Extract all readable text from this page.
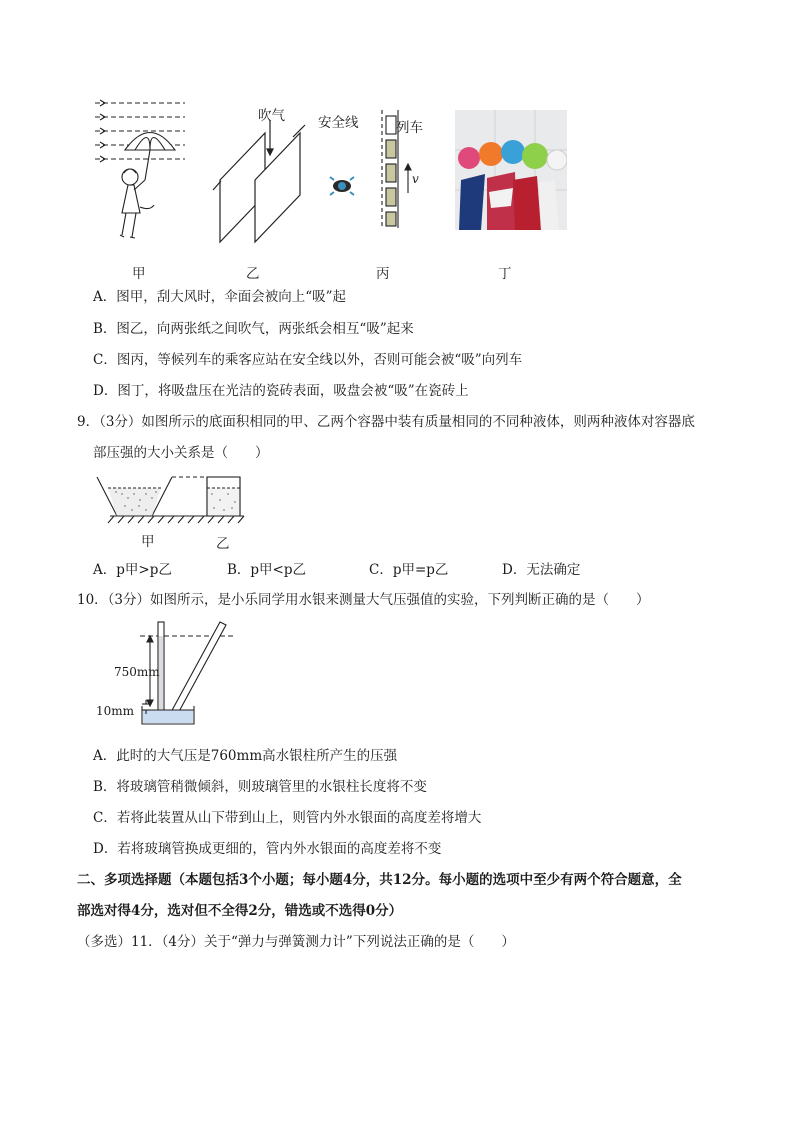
吹气 安全线	列车
v
甲	乙	丙	丁
A．图甲，刮大风时，伞面会被向上“吸”起
B．图乙，向两张纸之间吹气，两张纸会相互“吸”起来
C．图丙，等候列车的乘客应站在安全线以外，否则可能会被“吸”向列车
D．图丁，将吸盘压在光洁的瓷砖表面，吸盘会被“吸”在瓷砖上
9．（3分）如图所示的底面积相同的甲、乙两个容器中装有质量相同的不同种液体，则两种液体对容器底
部压强的大小关系是（　　）
甲	乙
A．p甲>p乙	B．p甲<p乙	C．p甲=p乙	D．无法确定
10．（3分）如图所示，是小乐同学用水银来测量大气压强值的实验，下列判断正确的是（　　）
750mm
10mm
A．此时的大气压是760mm高水银柱所产生的压强
B．将玻璃管稍微倾斜，则玻璃管里的水银柱长度将不变
C．若将此装置从山下带到山上，则管内外水银面的高度差将增大
D．若将玻璃管换成更细的，管内外水银面的高度差将不变
二、多项选择题（本题包括3个小题；每小题4分，共12分。每小题的选项中至少有两个符合题意，全
部选对得4分，选对但不全得2分，错选或不选得0分）
（多选）11．（4分）关于“弹力与弹簧测力计”下列说法正确的是（　　）
